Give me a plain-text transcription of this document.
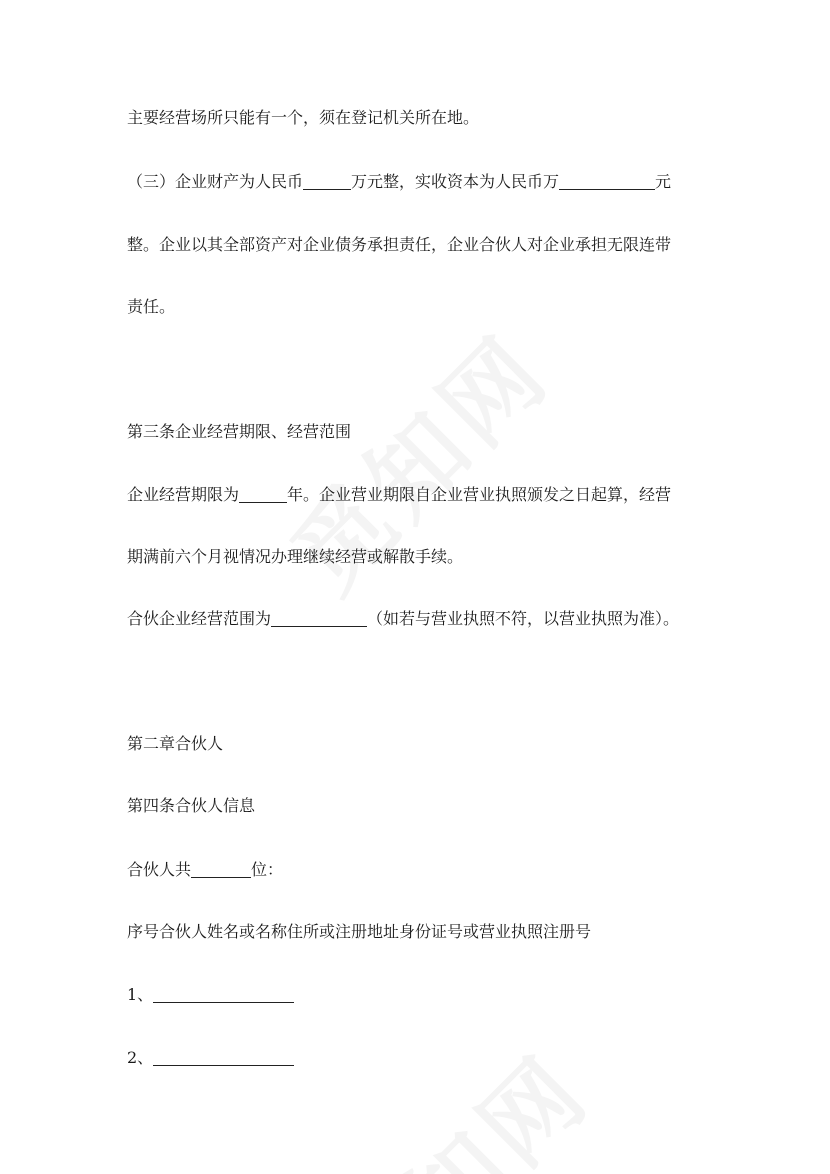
主要经营场所只能有一个，须在登记机关所在地。
（三）企业财产为人民币	万元整，实收资本为人民币万	元
整。企业以其全部资产对企业债务承担责任，企业合伙人对企业承担无限连带
责任。
第三条企业经营期限、经营范围
企业经营期限为	年。企业营业期限自企业营业执照颁发之日起算，经营
期满前六个月视情况办理继续经营或解散手续。
合伙企业经营范围为	（如若与营业执照不符，以营业执照为准）。
第二章合伙人
第四条合伙人信息
合伙人共	位：
序号合伙人姓名或名称住所或注册地址身份证号或营业执照注册号
1、
2、
